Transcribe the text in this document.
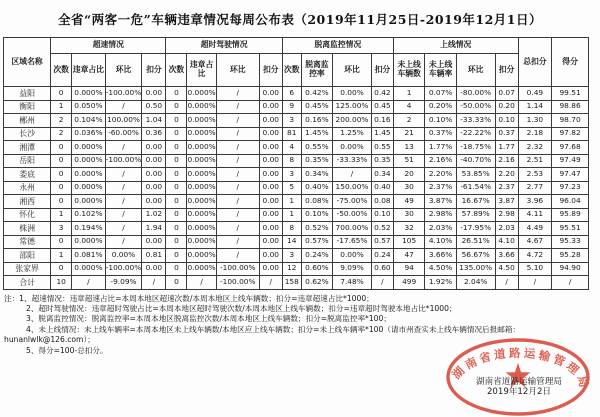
全省“两客一危”车辆违章情况每周公布表（2019年11月25日-2019年12月1日）
区域名称	超速情况				超时驾驶情况				脱离监控情况				上线情况				总扣分	得分
	次数	违章占比	环比	扣分	次数	违章占比	环比	扣分	次数	脱离监控率	环比	扣分	未上线车辆数	未上线车辆率	环比	扣分		
益阳	0	0.000%	-100.00%	0.00	0	0.000%	/	0.00	6	0.42%	0.00%	0.42	1	0.07%	-80.00%	0.07	0.49	99.51
衡阳	1	0.050%	/	0.50	0	0.000%	/	0.00	9	0.45%	125.00%	0.45	4	0.20%	-50.00%	0.20	1.14	98.86
郴州	2	0.104%	100.00%	1.04	0	0.000%	/	0.00	3	0.16%	200.00%	0.16	2	0.10%	-33.33%	0.10	1.30	98.70
长沙	2	0.036%	-60.00%	0.36	0	0.000%	/	0.00	81	1.45%	1.25%	1.45	21	0.37%	-22.22%	0.37	2.18	97.82
湘潭	0	0.000%	/	0.00	0	0.000%	/	0.00	4	0.55%	0.00%	0.55	13	1.77%	-18.75%	1.77	2.32	97.68
岳阳	0	0.000%	-100.00%	0.00	0	0.000%	/	0.00	8	0.35%	-33.33%	0.35	51	2.16%	-40.70%	2.16	2.51	97.49
娄底	0	0.000%	/	0.00	0	0.000%	/	0.00	3	0.34%	/	0.34	20	2.20%	53.85%	2.20	2.53	97.47
永州	0	0.000%	/	0.00	0	0.000%	/	0.00	5	0.40%	150.00%	0.40	30	2.37%	-61.54%	2.37	2.77	97.23
湘西	0	0.000%	/	0.00	0	0.000%	/	0.00	1	0.08%	-75.00%	0.08	49	3.87%	16.67%	3.87	3.96	96.04
怀化	1	0.102%	/	1.02	0	0.000%	/	0.00	1	0.10%	-50.00%	0.10	30	2.98%	57.89%	2.98	4.11	95.89
株洲	3	0.194%	/	1.94	0	0.000%	/	0.00	8	0.52%	700.00%	0.52	32	2.03%	-17.95%	2.03	4.49	95.51
常德	0	0.000%	/	0.00	0	0.000%	/	0.00	14	0.57%	-17.65%	0.57	105	4.10%	26.51%	4.10	4.67	95.33
邵阳	1	0.081%	0.00%	0.81	0	0.000%	/	0.00	3	0.24%	0.00%	0.24	47	3.66%	56.67%	3.66	4.72	95.28
张家界	0	0.000%	-100.00%	0.00	0	0.000%	-100.00%	0.00	12	0.60%	9.09%	0.60	94	4.50%	135.00%	4.50	5.10	94.90
合计	10	/	-9.09%	/	0	/	-100.00%	/	158	0.62%	7.48%	/	499	1.92%	2.04%	/	/	/
注：1、超速情况：违章超速占比=本周本地区超速次数/本周本地区上线车辆数；扣分=违章超速占比*1000；
2、超时驾驶情况：违章超时驾驶占比=本周本地区超时驾驶次数/本周本地区上线车辆数；扣分=违章超时驾驶本地占比*1000；
3、脱离监控情况：脱离监控率=本周本地区脱离监控次数/本周本地区上线车辆数；扣分=脱离监控率*100；
4、未上线情况：未上线车辆率=本周本地区未上线车辆数/本地区应上线车辆数；扣分=未上线车辆率*100（请市州查实未上线车辆情况后报邮箱：
hunanlwlk@126.com）；
5、得分=100-总扣分。
湖南省道路运输管理局
湖南省道路运输管理局
2019年12月2日
